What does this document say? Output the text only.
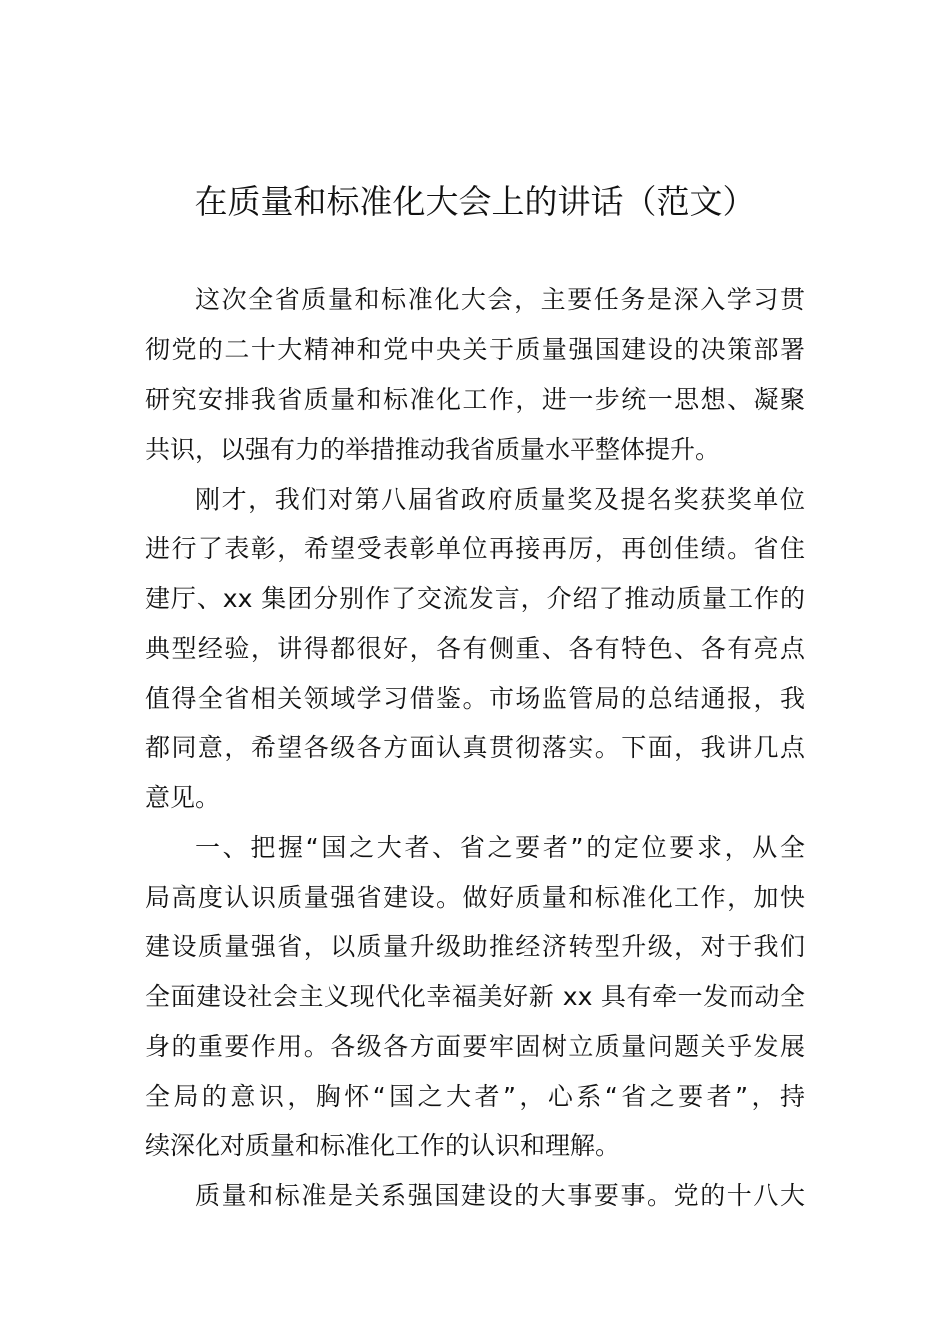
在质量和标准化大会上的讲话（范文）
这次全省质量和标准化大会，主要任务是深入学习贯
彻党的二十大精神和党中央关于质量强国建设的决策部署
研究安排我省质量和标准化工作，进一步统一思想、凝聚
共识，以强有力的举措推动我省质量水平整体提升。
刚才，我们对第八届省政府质量奖及提名奖获奖单位
进行了表彰，希望受表彰单位再接再厉，再创佳绩。省住
建厅、xx 集团分别作了交流发言，介绍了推动质量工作的
典型经验，讲得都很好，各有侧重、各有特色、各有亮点
值得全省相关领域学习借鉴。市场监管局的总结通报，我
都同意，希望各级各方面认真贯彻落实。下面，我讲几点
意见。
一、把握“国之大者、省之要者”的定位要求，从全
局高度认识质量强省建设。做好质量和标准化工作，加快
建设质量强省，以质量升级助推经济转型升级，对于我们
全面建设社会主义现代化幸福美好新 xx 具有牵一发而动全
身的重要作用。各级各方面要牢固树立质量问题关乎发展
全局的意识，胸怀“国之大者”，心系“省之要者”，持
续深化对质量和标准化工作的认识和理解。
质量和标准是关系强国建设的大事要事。党的十八大
